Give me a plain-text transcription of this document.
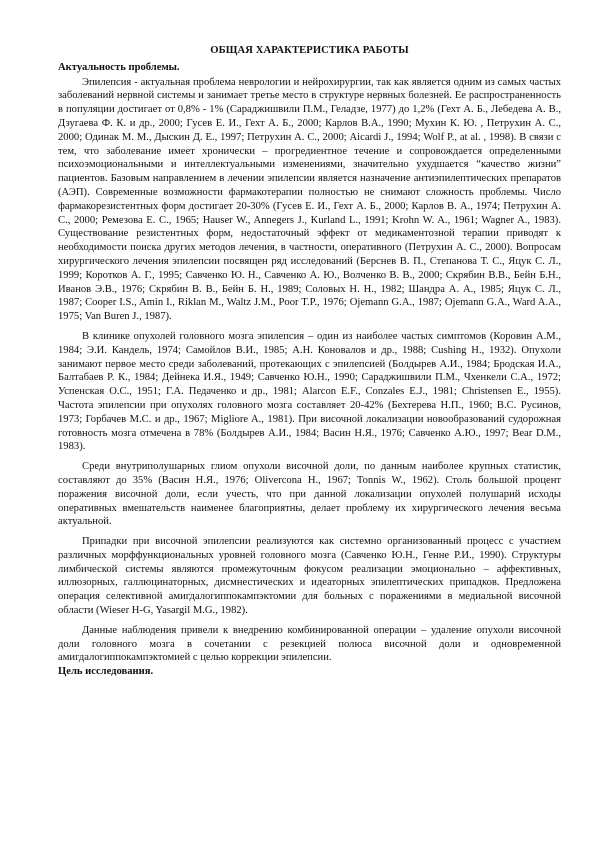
ОБЩАЯ ХАРАКТЕРИСТИКА РАБОТЫ
Актуальность проблемы.

Эпилепсия - актуальная проблема неврологии и нейрохирургии, так как является одним из самых частых заболеваний нервной системы и занимает третье место в структуре нервных болезней. Ее распространенность в популяции достигает от 0,8% - 1% (Сараджишвили П.М., Геладзе, 1977) до 1,2% (Гехт А. Б., Лебедева А. В., Дзугаева Ф. К. и др., 2000; Гусев Е. И., Гехт А. Б., 2000; Карлов В.А., 1990; Мухин К. Ю. , Петрухин А. С., 2000; Одинак М. М., Дыскин Д. Е., 1997; Петрухин А. С., 2000; Aicardi J., 1994; Wolf P., at al. , 1998). В связи с тем, что заболевание имеет хронически – прогредиентное течение и сопровождается определенными психоэмоциональными и интеллектуальными изменениями, значительно ухудшается “качество жизни” пациентов. Базовым направлением в лечении эпилепсии является назначение антиэпилептических препаратов (АЭП). Современные возможности фармакотерапии полностью не снимают сложность проблемы. Число фармакорезистентных форм достигает 20-30% (Гусев Е. И., Гехт А. Б., 2000; Карлов В. А., 1974; Петрухин А. С., 2000; Ремезова Е. С., 1965; Hauser W., Annegers J., Kurland L., 1991; Krohn W. A., 1961; Wagner A., 1983). Существование резистентных форм, недостаточный эффект от медикаментозной терапии приводят к необходимости поиска других методов лечения, в частности, оперативного (Петрухин А. С., 2000). Вопросам хирургического лечения эпилепсии посвящен ряд исследований (Берснев В. П., Степанова Т. С., Яцук С. Л., 1999; Коротков А. Г., 1995; Савченко Ю. Н., Савченко А. Ю., Волченко В. В., 2000; Скрябин В.В., Бейн Б.Н., Иванов Э.В., 1976; Скрябин В. В., Бейн Б. Н., 1989; Соловых Н. Н., 1982; Шандра А. А., 1985; Яцук С. Л., 1987; Cooper I.S., Amin I., Riklan M., Waltz J.M., Poor T.P., 1976; Ojemann G.A., 1987; Ojemann G.A., Ward A.A., 1975; Van Buren J., 1987).

В клинике опухолей головного мозга эпилепсия – один из наиболее частых симптомов (Коровин А.М., 1984; Э.И. Кандель, 1974; Самойлов В.И., 1985; А.Н. Коновалов и др., 1988; Cushing H., 1932). Опухоли занимают первое место среди заболеваний, протекающих с эпилепсией (Болдырев А.И., 1984; Бродская И.А., Балтабаев Р. К., 1984; Дейнека И.Я., 1949; Савченко Ю.Н., 1990; Сараджишвили П.М., Чхенкели С.А., 1972; Успенская О.С., 1951; Г.А. Педаченко и др., 1981; Alarcon E.F., Conzales E.J., 1981; Christensen E., 1955). Частота эпилепсии при опухолях головного мозга составляет 20-42% (Бехтерева Н.П., 1960; В.С. Русинов, 1973; Горбачев М.С. и др., 1967; Migliore A., 1981). При височной локализации новообразований судорожная готовность мозга отмечена в 78% (Болдырев А.И., 1984; Васин Н.Я., 1976; Савченко А.Ю., 1997; Bear D.M., 1983).

Среди внутриполушарных глиом опухоли височной доли, по данным наиболее крупных статистик, составляют до 35% (Васин Н.Я., 1976; Olivercona H., 1967; Tonnis W., 1962). Столь большой процент поражения височной доли, если учесть, что при данной локализации опухолей полушарий исходы оперативных вмешательств наименее благоприятны, делает проблему их хирургического лечения весьма актуальной.

Припадки при височной эпилепсии реализуются как системно организованный процесс с участием различных морффункциональных уровней головного мозга (Савченко Ю.Н., Генне Р.И., 1990). Структуры лимбической системы являются промежуточным фокусом реализации эмоционально – аффективных, иллюзорных, галлюцинаторных, дисмнестических и идеаторных эпилептических припадков. Предложена операция селективной амигдалогиппокампэктомии для больных с поражениями в медиальной височной области (Wieser H-G, Yasargil M.G., 1982).

Данные наблюдения привели к внедрению комбинированной операции – удаление опухоли височной доли головного мозга в сочетании с резекцией полюса височной доли и одновременной амигдалогиппокампэктомией с целью коррекции эпилепсии.

Цель исследования.
